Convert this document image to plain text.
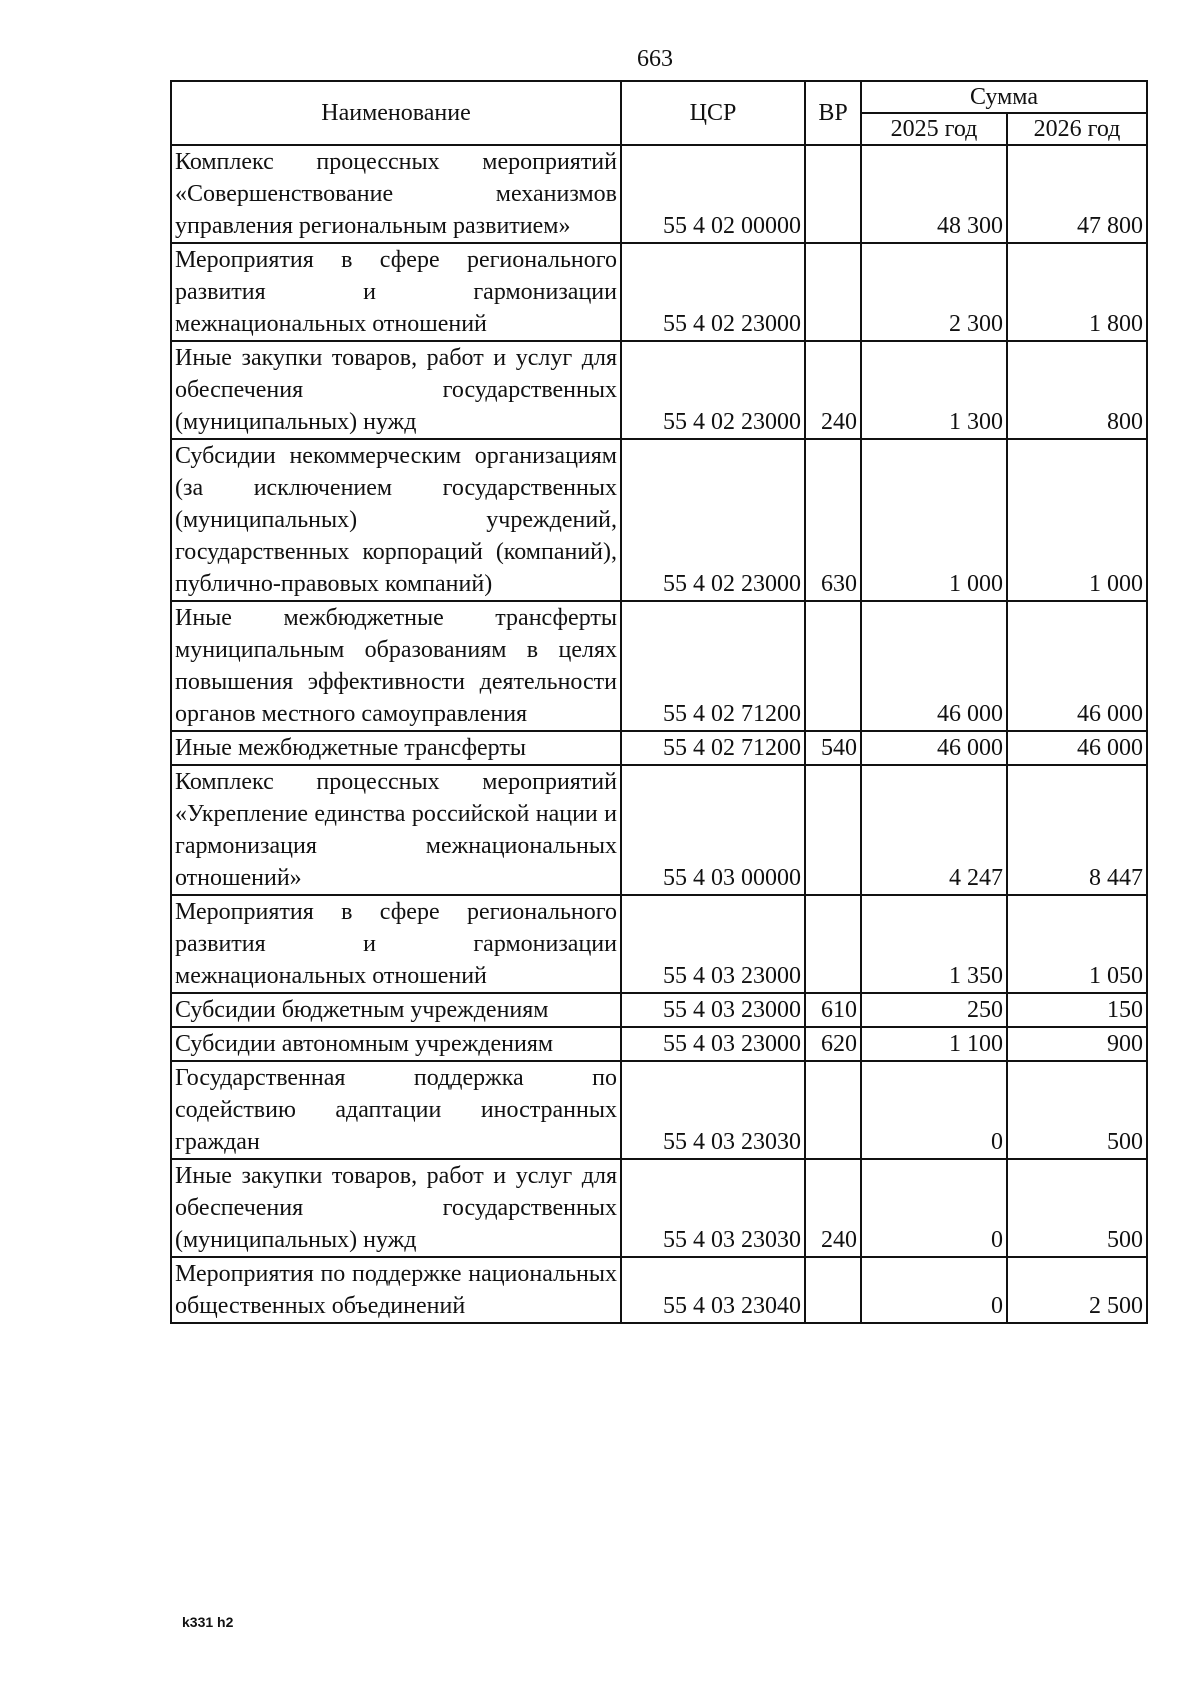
663
Наименование	ЦСР	ВР	Сумма	
			2025 год	2026 год
Комплекс процессных мероприятий «Совершенствование механизмов управления региональным развитием»	55 4 02 00000		48 300	47 800
Мероприятия в сфере регионального развития и гармонизации межнациональных отношений	55 4 02 23000		2 300	1 800
Иные закупки товаров, работ и услуг для обеспечения государственных (муниципальных) нужд	55 4 02 23000	240	1 300	800
Субсидии некоммерческим организациям (за исключением государственных (муниципальных) учреждений, государственных корпораций (компаний), публично-правовых компаний)	55 4 02 23000	630	1 000	1 000
Иные межбюджетные трансферты муниципальным образованиям в целях повышения эффективности деятельности органов местного самоуправления	55 4 02 71200		46 000	46 000
Иные межбюджетные трансферты	55 4 02 71200	540	46 000	46 000
Комплекс процессных мероприятий «Укрепление единства российской нации и гармонизация межнациональных отношений»	55 4 03 00000		4 247	8 447
Мероприятия в сфере регионального развития и гармонизации межнациональных отношений	55 4 03 23000		1 350	1 050
Субсидии бюджетным учреждениям	55 4 03 23000	610	250	150
Субсидии автономным учреждениям	55 4 03 23000	620	1 100	900
Государственная поддержка по содействию адаптации иностранных граждан	55 4 03 23030		0	500
Иные закупки товаров, работ и услуг для обеспечения государственных (муниципальных) нужд	55 4 03 23030	240	0	500
Мероприятия по поддержке национальных общественных объединений	55 4 03 23040		0	2 500
k331 h2
